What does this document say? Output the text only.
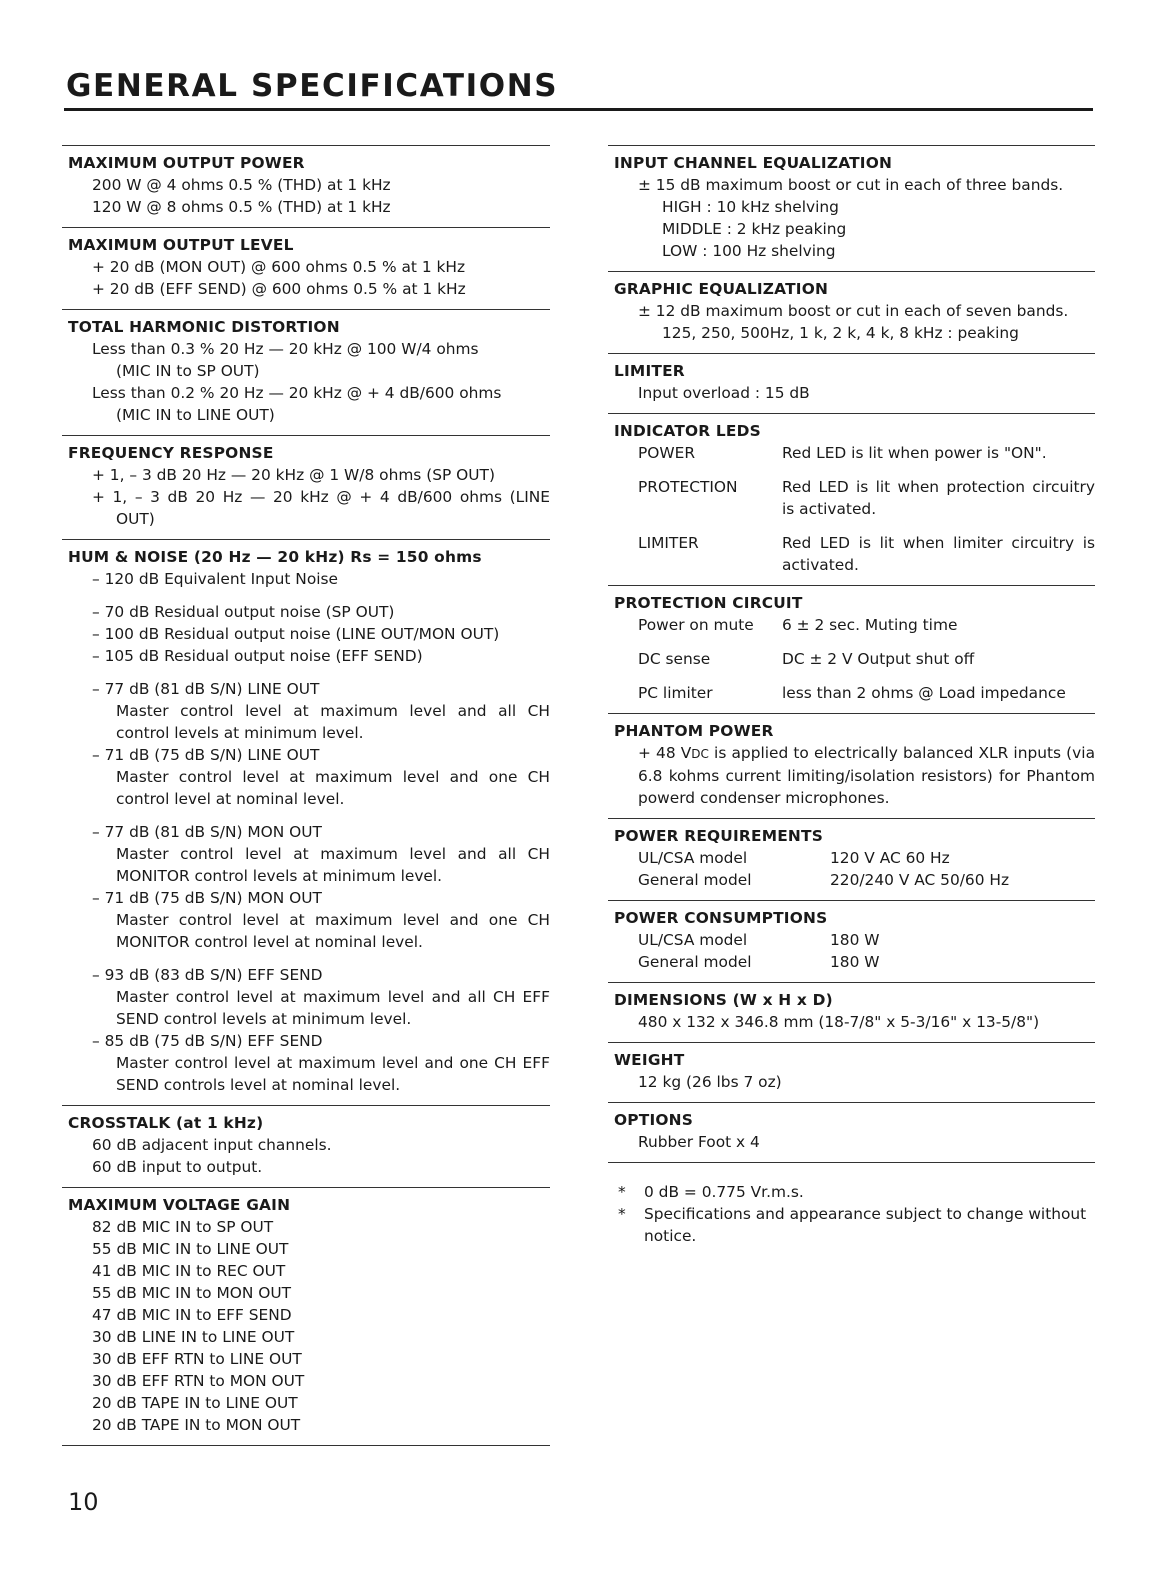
GENERAL SPECIFICATIONS
MAXIMUM OUTPUT POWER
200 W @ 4 ohms 0.5 % (THD) at 1 kHz
120 W @ 8 ohms 0.5 % (THD) at 1 kHz
MAXIMUM OUTPUT LEVEL
+ 20 dB (MON OUT) @ 600 ohms 0.5 % at 1 kHz
+ 20 dB (EFF SEND) @ 600 ohms 0.5 % at 1 kHz
TOTAL HARMONIC DISTORTION
Less than 0.3 % 20 Hz — 20 kHz @ 100 W/4 ohms
(MIC IN to SP OUT)
Less than 0.2 % 20 Hz — 20 kHz @ + 4 dB/600 ohms
(MIC IN to LINE OUT)
FREQUENCY RESPONSE
+ 1, – 3 dB 20 Hz — 20 kHz @ 1 W/8 ohms (SP OUT)
+ 1, – 3 dB 20 Hz — 20 kHz @ + 4 dB/600 ohms (LINE OUT)
HUM & NOISE (20 Hz — 20 kHz) Rs = 150 ohms
– 120 dB Equivalent Input Noise
– 70 dB Residual output noise (SP OUT)
– 100 dB Residual output noise (LINE OUT/MON OUT)
– 105 dB Residual output noise (EFF SEND)
– 77 dB (81 dB S/N) LINE OUT
Master control level at maximum level and all CH control levels at minimum level.
– 71 dB (75 dB S/N) LINE OUT
Master control level at maximum level and one CH control level at nominal level.
– 77 dB (81 dB S/N) MON OUT
Master control level at maximum level and all CH MONITOR control levels at minimum level.
– 71 dB (75 dB S/N) MON OUT
Master control level at maximum level and one CH MONITOR control level at nominal level.
– 93 dB (83 dB S/N) EFF SEND
Master control level at maximum level and all CH EFF SEND control levels at minimum level.
– 85 dB (75 dB S/N) EFF SEND
Master control level at maximum level and one CH EFF SEND controls level at nominal level.
CROSSTALK (at 1 kHz)
60 dB adjacent input channels.
60 dB input to output.
MAXIMUM VOLTAGE GAIN
82 dB MIC IN to SP OUT
55 dB MIC IN to LINE OUT
41 dB MIC IN to REC OUT
55 dB MIC IN to MON OUT
47 dB MIC IN to EFF SEND
30 dB LINE IN to LINE OUT
30 dB EFF RTN to LINE OUT
30 dB EFF RTN to MON OUT
20 dB TAPE IN to LINE OUT
20 dB TAPE IN to MON OUT
INPUT CHANNEL EQUALIZATION
± 15 dB maximum boost or cut in each of three bands.
HIGH : 10 kHz shelving
MIDDLE : 2 kHz peaking
LOW : 100 Hz shelving
GRAPHIC EQUALIZATION
± 12 dB maximum boost or cut in each of seven bands.
125, 250, 500Hz, 1 k, 2 k, 4 k, 8 kHz : peaking
LIMITER
Input overload : 15 dB
INDICATOR LEDS
POWER	Red LED is lit when power is "ON".
PROTECTION	Red LED is lit when protection circuitry is activated.
LIMITER	Red LED is lit when limiter circuitry is activated.
PROTECTION CIRCUIT
Power on mute	6 ± 2 sec. Muting time
DC sense	DC ± 2 V Output shut off
PC limiter	less than 2 ohms @ Load impedance
PHANTOM POWER
+ 48 VDC is applied to electrically balanced XLR inputs (via 6.8 kohms current limiting/isolation resistors) for Phantom powerd condenser microphones.
POWER REQUIREMENTS
UL/CSA model	120 V AC 60 Hz
General model	220/240 V AC 50/60 Hz
POWER CONSUMPTIONS
UL/CSA model	180 W
General model	180 W
DIMENSIONS (W x H x D)
480 x 132 x 346.8 mm (18-7/8" x 5-3/16" x 13-5/8")
WEIGHT
12 kg (26 lbs 7 oz)
OPTIONS
Rubber Foot x 4
*	0 dB = 0.775 Vr.m.s.
*	Specifications and appearance subject to change without notice.
10
